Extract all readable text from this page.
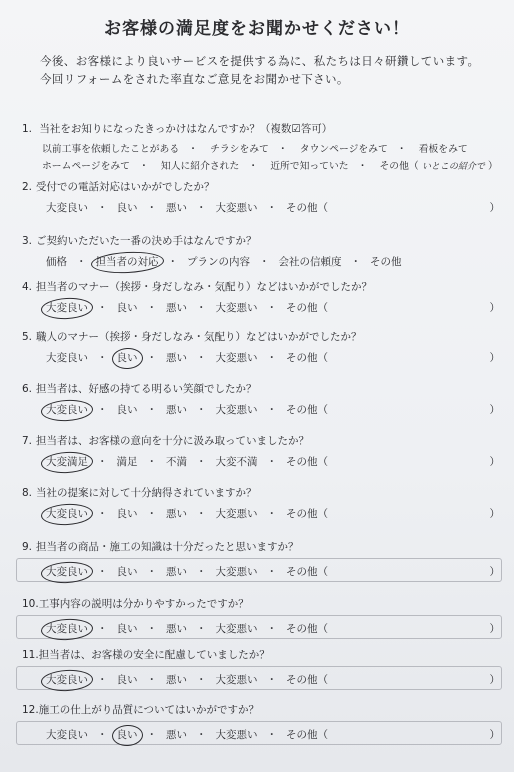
お客様の満足度をお聞かせください！
今後、お客様により良いサービスを提供する為に、私たちは日々研鑽しています。今回リフォームをされた率直なご意見をお聞かせ下さい。
1. 当社をお知りになったきっかけはなんですか？（複数☑答可）
以前工事を依頼したことがある ・ チラシをみて ・ タウンページをみて ・ 看板をみて
ホームページをみて ・ 知人に紹介された ・ 近所で知っていた ・ その他（ いとこの紹介で ）
2. 受付での電話対応はいかがでしたか？
大変良い ・ 良い ・ 悪い ・ 大変悪い ・ その他（	）
3. ご契約いただいた一番の決め手はなんですか？
価格 ・ 担当者の対応 ・ プランの内容 ・ 会社の信頼度 ・ その他
4. 担当者のマナー（挨拶・身だしなみ・気配り）などはいかがでしたか？
大変良い ・ 良い ・ 悪い ・ 大変悪い ・ その他（	）
5. 職人のマナー（挨拶・身だしなみ・気配り）などはいかがでしたか？
大変良い ・ 良い ・ 悪い ・ 大変悪い ・ その他（	）
6. 担当者は、好感の持てる明るい笑顔でしたか？
大変良い ・ 良い ・ 悪い ・ 大変悪い ・ その他（	）
7. 担当者は、お客様の意向を十分に汲み取っていましたか？
大変満足 ・ 満足 ・ 不満 ・ 大変不満 ・ その他（	）
8. 当社の提案に対して十分納得されていますか？
大変良い ・ 良い ・ 悪い ・ 大変悪い ・ その他（	）
9. 担当者の商品・施工の知識は十分だったと思いますか？
大変良い ・ 良い ・ 悪い ・ 大変悪い ・ その他（	）
10.工事内容の説明は分かりやすかったですか？
大変良い ・ 良い ・ 悪い ・ 大変悪い ・ その他（	）
11.担当者は、お客様の安全に配慮していましたか？
大変良い ・ 良い ・ 悪い ・ 大変悪い ・ その他（	）
12.施工の仕上がり品質についてはいかがですか？
大変良い ・ 良い ・ 悪い ・ 大変悪い ・ その他（	）
